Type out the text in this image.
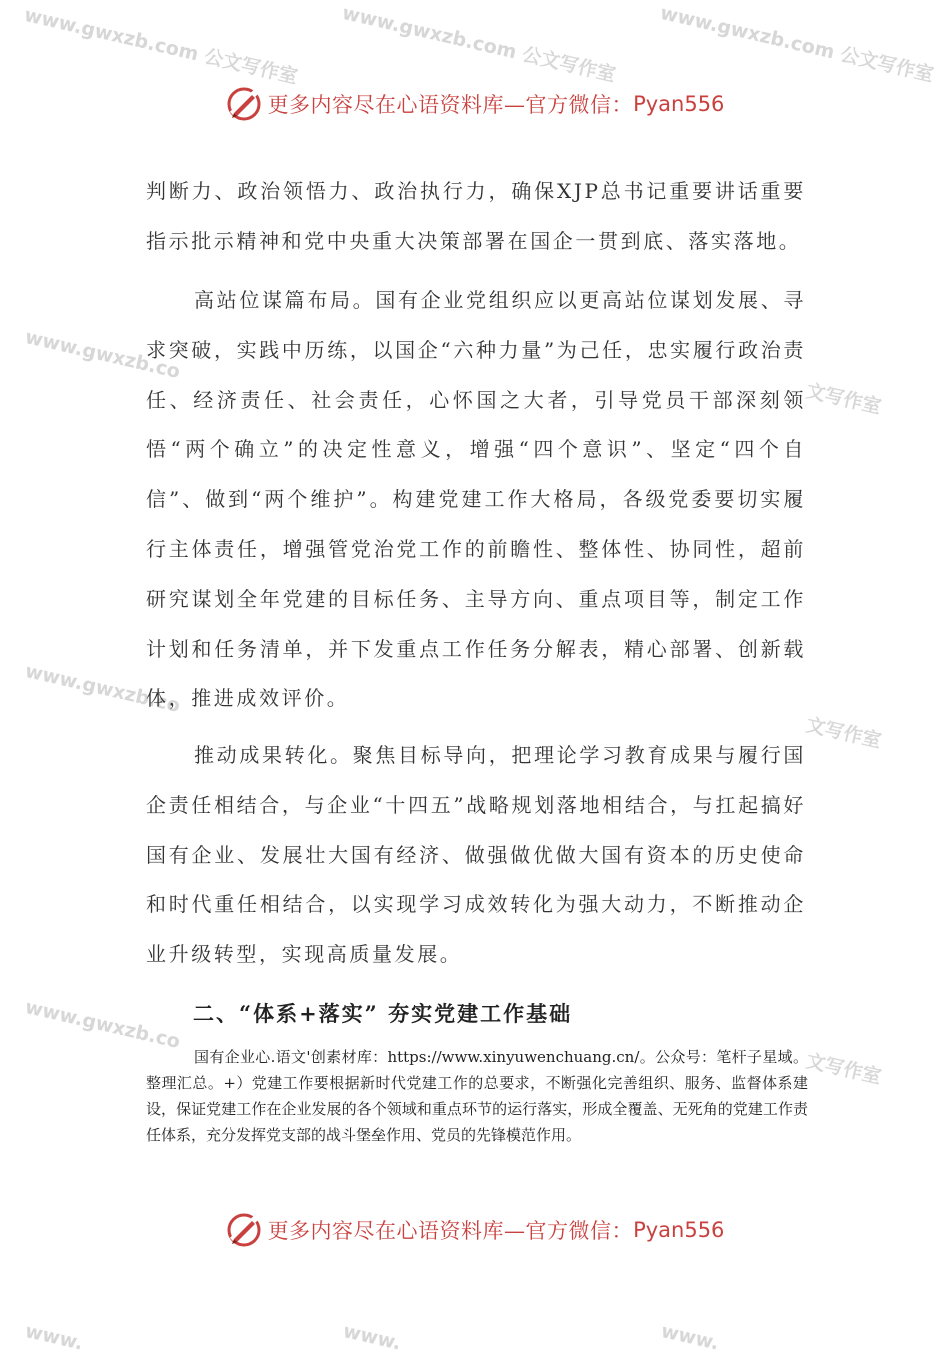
www.gwxzb.com 公文写作室 www.gwxzb.com 公文写作室 www.gwxzb.com 公文写作室
www.gwxzb.co
文写作室
www.gwxzb.co
文写作室
www.gwxzb.co
文写作室
www.	www.	www.
更多内容尽在心语资料库—官方微信： Pyan556

判断力、政治领悟力、政治执行力，确保XJP总书记重要讲话重要指示批示精神和党中央重大决策部署在国企一贯到底、落实落地。

高站位谋篇布局。国有企业党组织应以更高站位谋划发展、寻求突破，实践中历练，以国企“六种力量”为己任，忠实履行政治责任、经济责任、社会责任，心怀国之大者，引导党员干部深刻领悟“两个确立”的决定性意义，增强“四个意识”、坚定“四个自信”、做到“两个维护”。构建党建工作大格局，各级党委要切实履行主体责任，增强管党治党工作的前瞻性、整体性、协同性，超前研究谋划全年党建的目标任务、主导方向、重点项目等，制定工作计划和任务清单，并下发重点工作任务分解表，精心部署、创新载体，推进成效评价。

推动成果转化。聚焦目标导向，把理论学习教育成果与履行国企责任相结合，与企业“十四五”战略规划落地相结合，与扛起搞好国有企业、发展壮大国有经济、做强做优做大国有资本的历史使命和时代重任相结合，以实现学习成效转化为强大动力，不断推动企业升级转型，实现高质量发展。

二、“体系+落实” 夯实党建工作基础

国有企业心.语文'创素材库：https://www.xinyuwenchuang.cn/。公众号：笔杆子星域。整理汇总。+）党建工作要根据新时代党建工作的总要求，不断强化完善组织、服务、监督体系建设，保证党建工作在企业发展的各个领域和重点环节的运行落实，形成全覆盖、无死角的党建工作责任体系，充分发挥党支部的战斗堡垒作用、党员的先锋模范作用。

更多内容尽在心语资料库—官方微信： Pyan556
